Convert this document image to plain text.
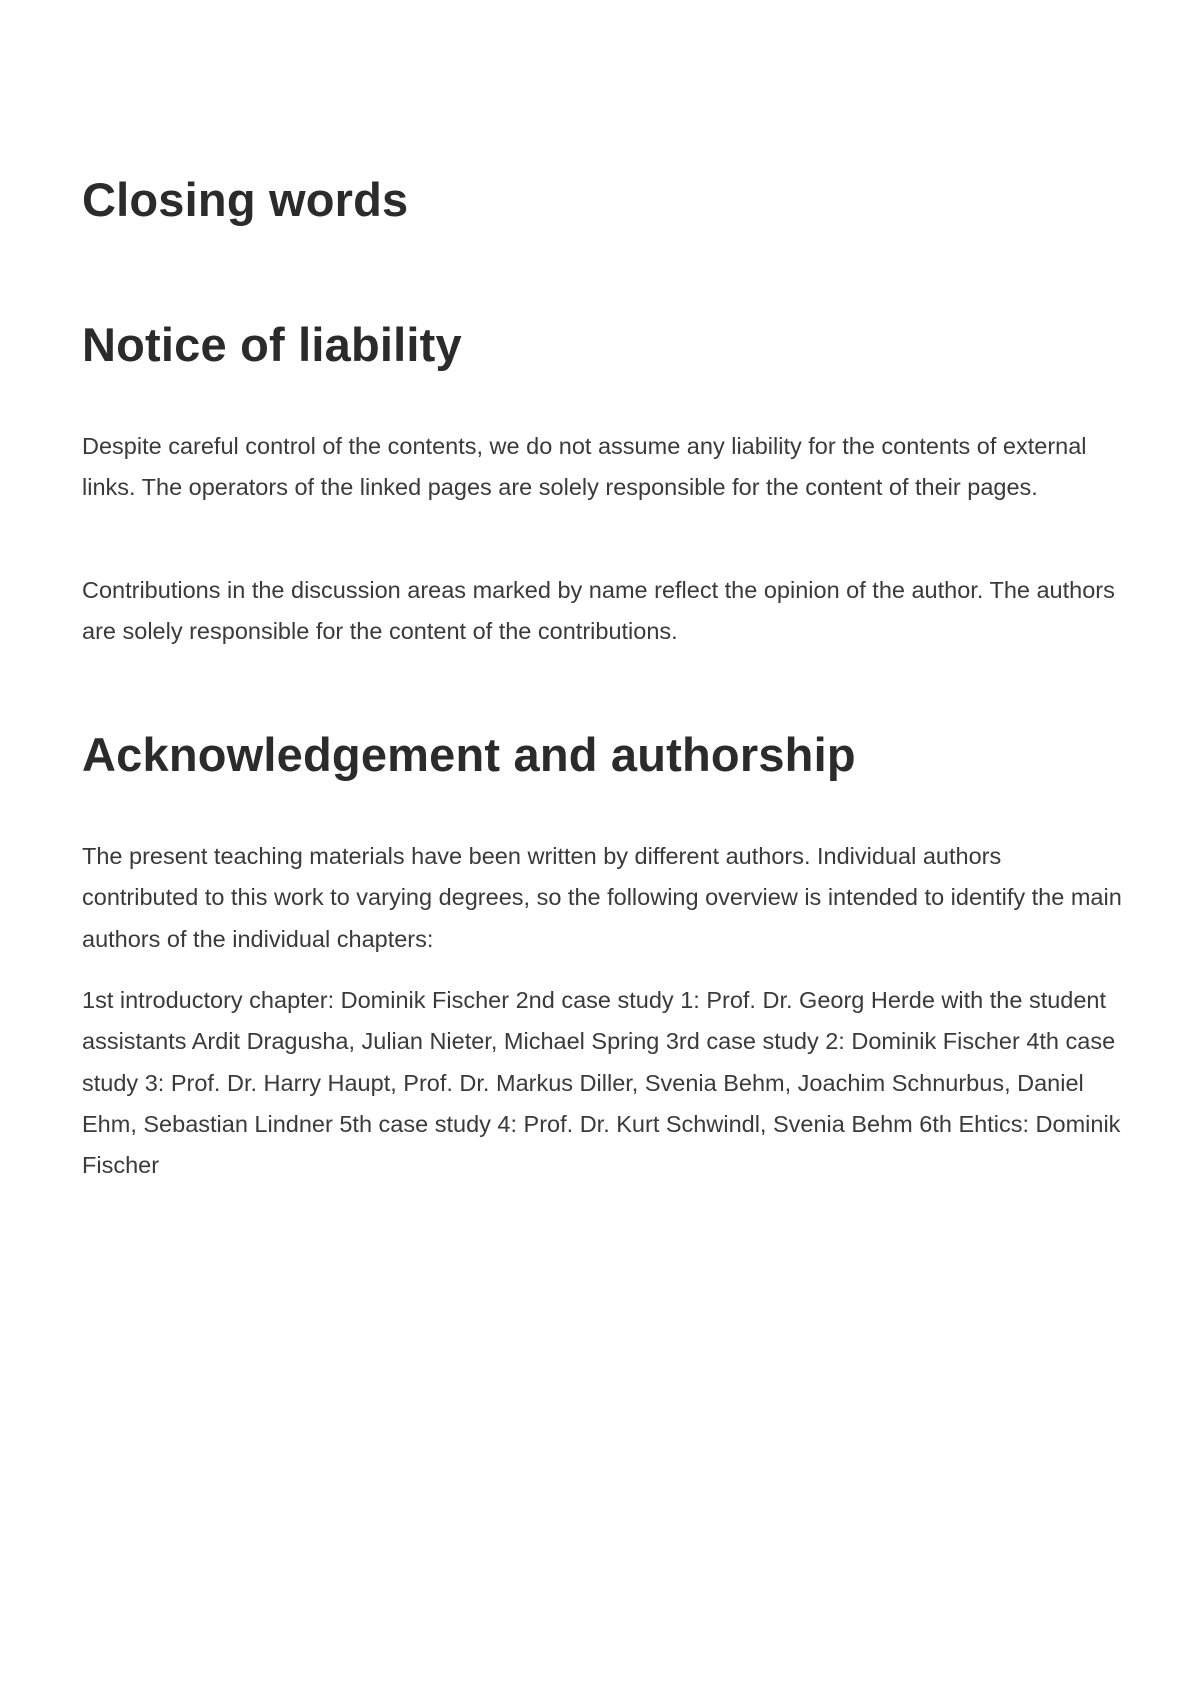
Closing words
Notice of liability

Despite careful control of the contents, we do not assume any liability for the contents of external links. The operators of the linked pages are solely responsible for the content of their pages.

Contributions in the discussion areas marked by name reflect the opinion of the author. The authors are solely responsible for the content of the contributions.

Acknowledgement and authorship

The present teaching materials have been written by different authors. Individual authors contributed to this work to varying degrees, so the following overview is intended to identify the main authors of the individual chapters:

1st introductory chapter: Dominik Fischer 2nd case study 1: Prof. Dr. Georg Herde with the student assistants Ardit Dragusha, Julian Nieter, Michael Spring 3rd case study 2: Dominik Fischer 4th case study 3: Prof. Dr. Harry Haupt, Prof. Dr. Markus Diller, Svenia Behm, Joachim Schnurbus, Daniel Ehm, Sebastian Lindner 5th case study 4: Prof. Dr. Kurt Schwindl, Svenia Behm 6th Ehtics: Dominik Fischer
